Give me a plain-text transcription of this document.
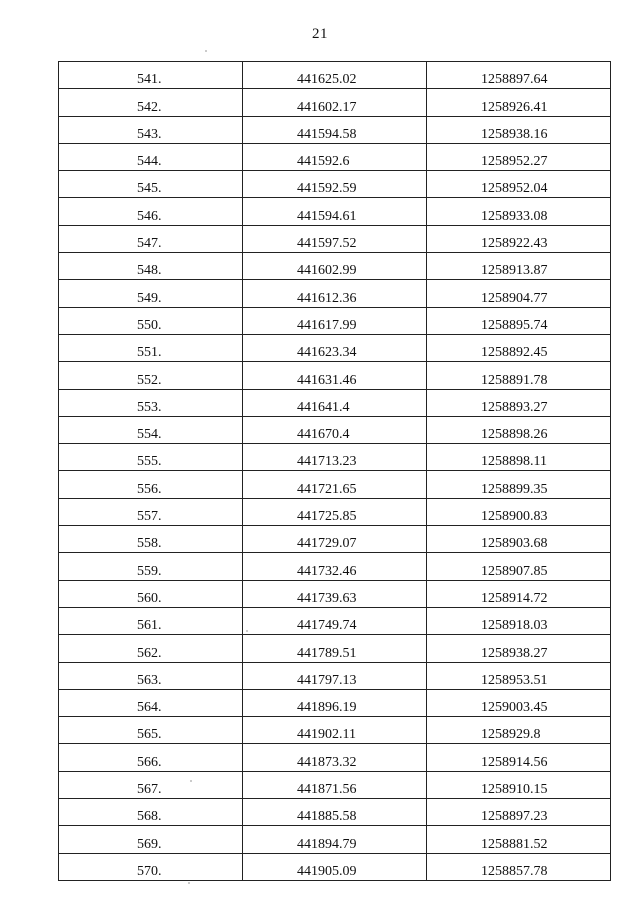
21
541.	441625.02	1258897.64
542.	441602.17	1258926.41
543.	441594.58	1258938.16
544.	441592.6	1258952.27
545.	441592.59	1258952.04
546.	441594.61	1258933.08
547.	441597.52	1258922.43
548.	441602.99	1258913.87
549.	441612.36	1258904.77
550.	441617.99	1258895.74
551.	441623.34	1258892.45
552.	441631.46	1258891.78
553.	441641.4	1258893.27
554.	441670.4	1258898.26
555.	441713.23	1258898.11
556.	441721.65	1258899.35
557.	441725.85	1258900.83
558.	441729.07	1258903.68
559.	441732.46	1258907.85
560.	441739.63	1258914.72
561.	441749.74	1258918.03
562.	441789.51	1258938.27
563.	441797.13	1258953.51
564.	441896.19	1259003.45
565.	441902.11	1258929.8
566.	441873.32	1258914.56
567.	441871.56	1258910.15
568.	441885.58	1258897.23
569.	441894.79	1258881.52
570.	441905.09	1258857.78
